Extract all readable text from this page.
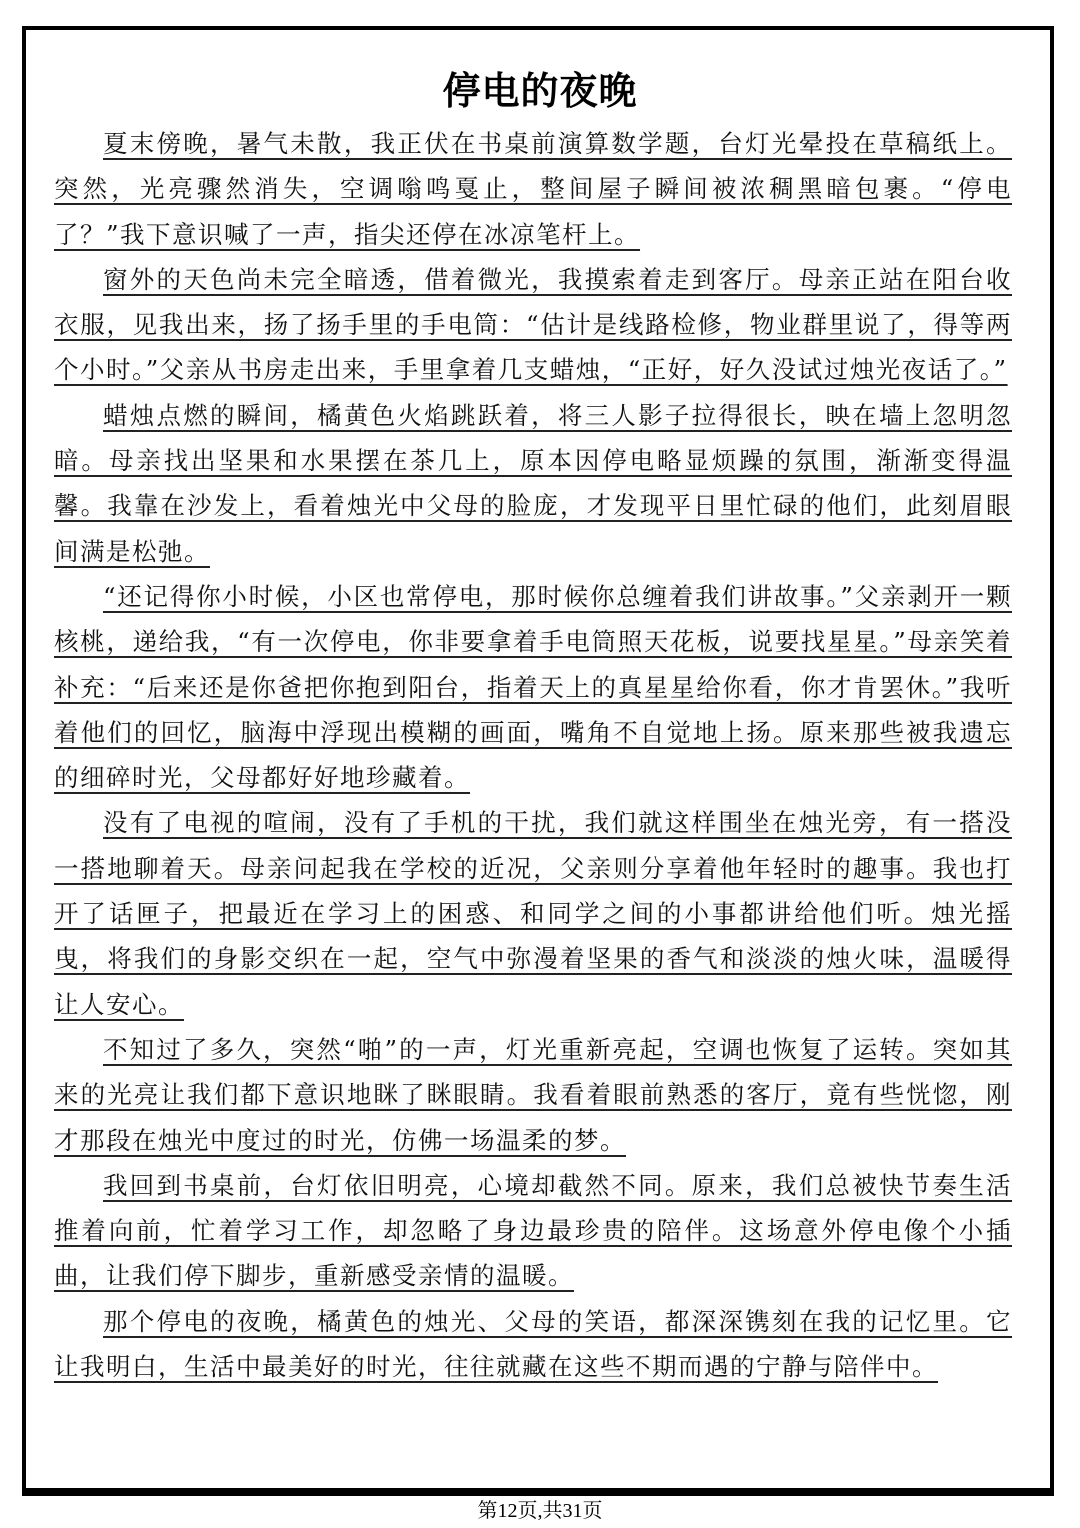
停电的夜晚

夏末傍晚，暑气未散，我正伏在书桌前演算数学题，台灯光晕投在草稿纸上。突然，光亮骤然消失，空调嗡鸣戛止，整间屋子瞬间被浓稠黑暗包裹。“停电了？”我下意识喊了一声，指尖还停在冰凉笔杆上。

窗外的天色尚未完全暗透，借着微光，我摸索着走到客厅。母亲正站在阳台收衣服，见我出来，扬了扬手里的手电筒：“估计是线路检修，物业群里说了，得等两个小时。”父亲从书房走出来，手里拿着几支蜡烛，“正好，好久没试过烛光夜话了。”

蜡烛点燃的瞬间，橘黄色火焰跳跃着，将三人影子拉得很长，映在墙上忽明忽暗。母亲找出坚果和水果摆在茶几上，原本因停电略显烦躁的氛围，渐渐变得温馨。我靠在沙发上，看着烛光中父母的脸庞，才发现平日里忙碌的他们，此刻眉眼间满是松弛。

“还记得你小时候，小区也常停电，那时候你总缠着我们讲故事。”父亲剥开一颗核桃，递给我，“有一次停电，你非要拿着手电筒照天花板，说要找星星。”母亲笑着补充：“后来还是你爸把你抱到阳台，指着天上的真星星给你看，你才肯罢休。”我听着他们的回忆，脑海中浮现出模糊的画面，嘴角不自觉地上扬。原来那些被我遗忘的细碎时光，父母都好好地珍藏着。

没有了电视的喧闹，没有了手机的干扰，我们就这样围坐在烛光旁，有一搭没一搭地聊着天。母亲问起我在学校的近况，父亲则分享着他年轻时的趣事。我也打开了话匣子，把最近在学习上的困惑、和同学之间的小事都讲给他们听。烛光摇曳，将我们的身影交织在一起，空气中弥漫着坚果的香气和淡淡的烛火味，温暖得让人安心。

不知过了多久，突然“啪”的一声，灯光重新亮起，空调也恢复了运转。突如其来的光亮让我们都下意识地眯了眯眼睛。我看着眼前熟悉的客厅，竟有些恍惚，刚才那段在烛光中度过的时光，仿佛一场温柔的梦。

我回到书桌前，台灯依旧明亮，心境却截然不同。原来，我们总被快节奏生活推着向前，忙着学习工作，却忽略了身边最珍贵的陪伴。这场意外停电像个小插曲，让我们停下脚步，重新感受亲情的温暖。

那个停电的夜晚，橘黄色的烛光、父母的笑语，都深深镌刻在我的记忆里。它让我明白，生活中最美好的时光，往往就藏在这些不期而遇的宁静与陪伴中。

第12页,共31页
